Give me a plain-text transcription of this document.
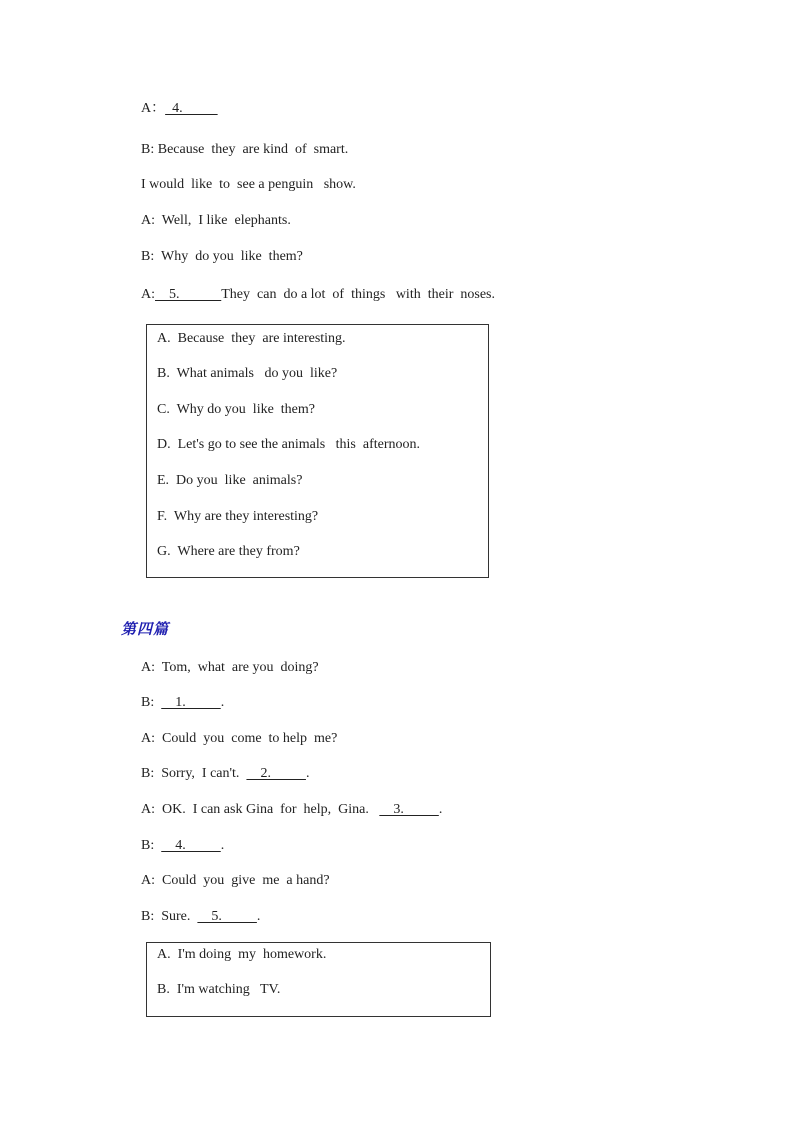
A：  4.
B: Because  they  are kind  of  smart.
I would  like  to  see a penguin   show.
A:  Well,  I like  elephants.
B:  Why  do you  like  them?
A:    5.            They  can  do a lot  of  things   with  their  noses.
A.  Because  they  are interesting.
B.  What animals   do you  like?
C.  Why do you  like  them?
D.  Let's go to see the animals   this  afternoon.
E.  Do you  like  animals?
F.  Why are they interesting?
G.  Where are they from?
第四篇
A:  Tom,  what  are you  doing?
B:      1.          .
A:  Could  you  come  to help  me?
B:  Sorry,  I can't.      2.          .
A:  OK.  I can ask Gina  for  help,  Gina.       3.          .
B:      4.          .
A:  Could  you  give  me  a hand?
B:  Sure.      5.          .
A.  I'm doing  my  homework.
B.  I'm watching   TV.
